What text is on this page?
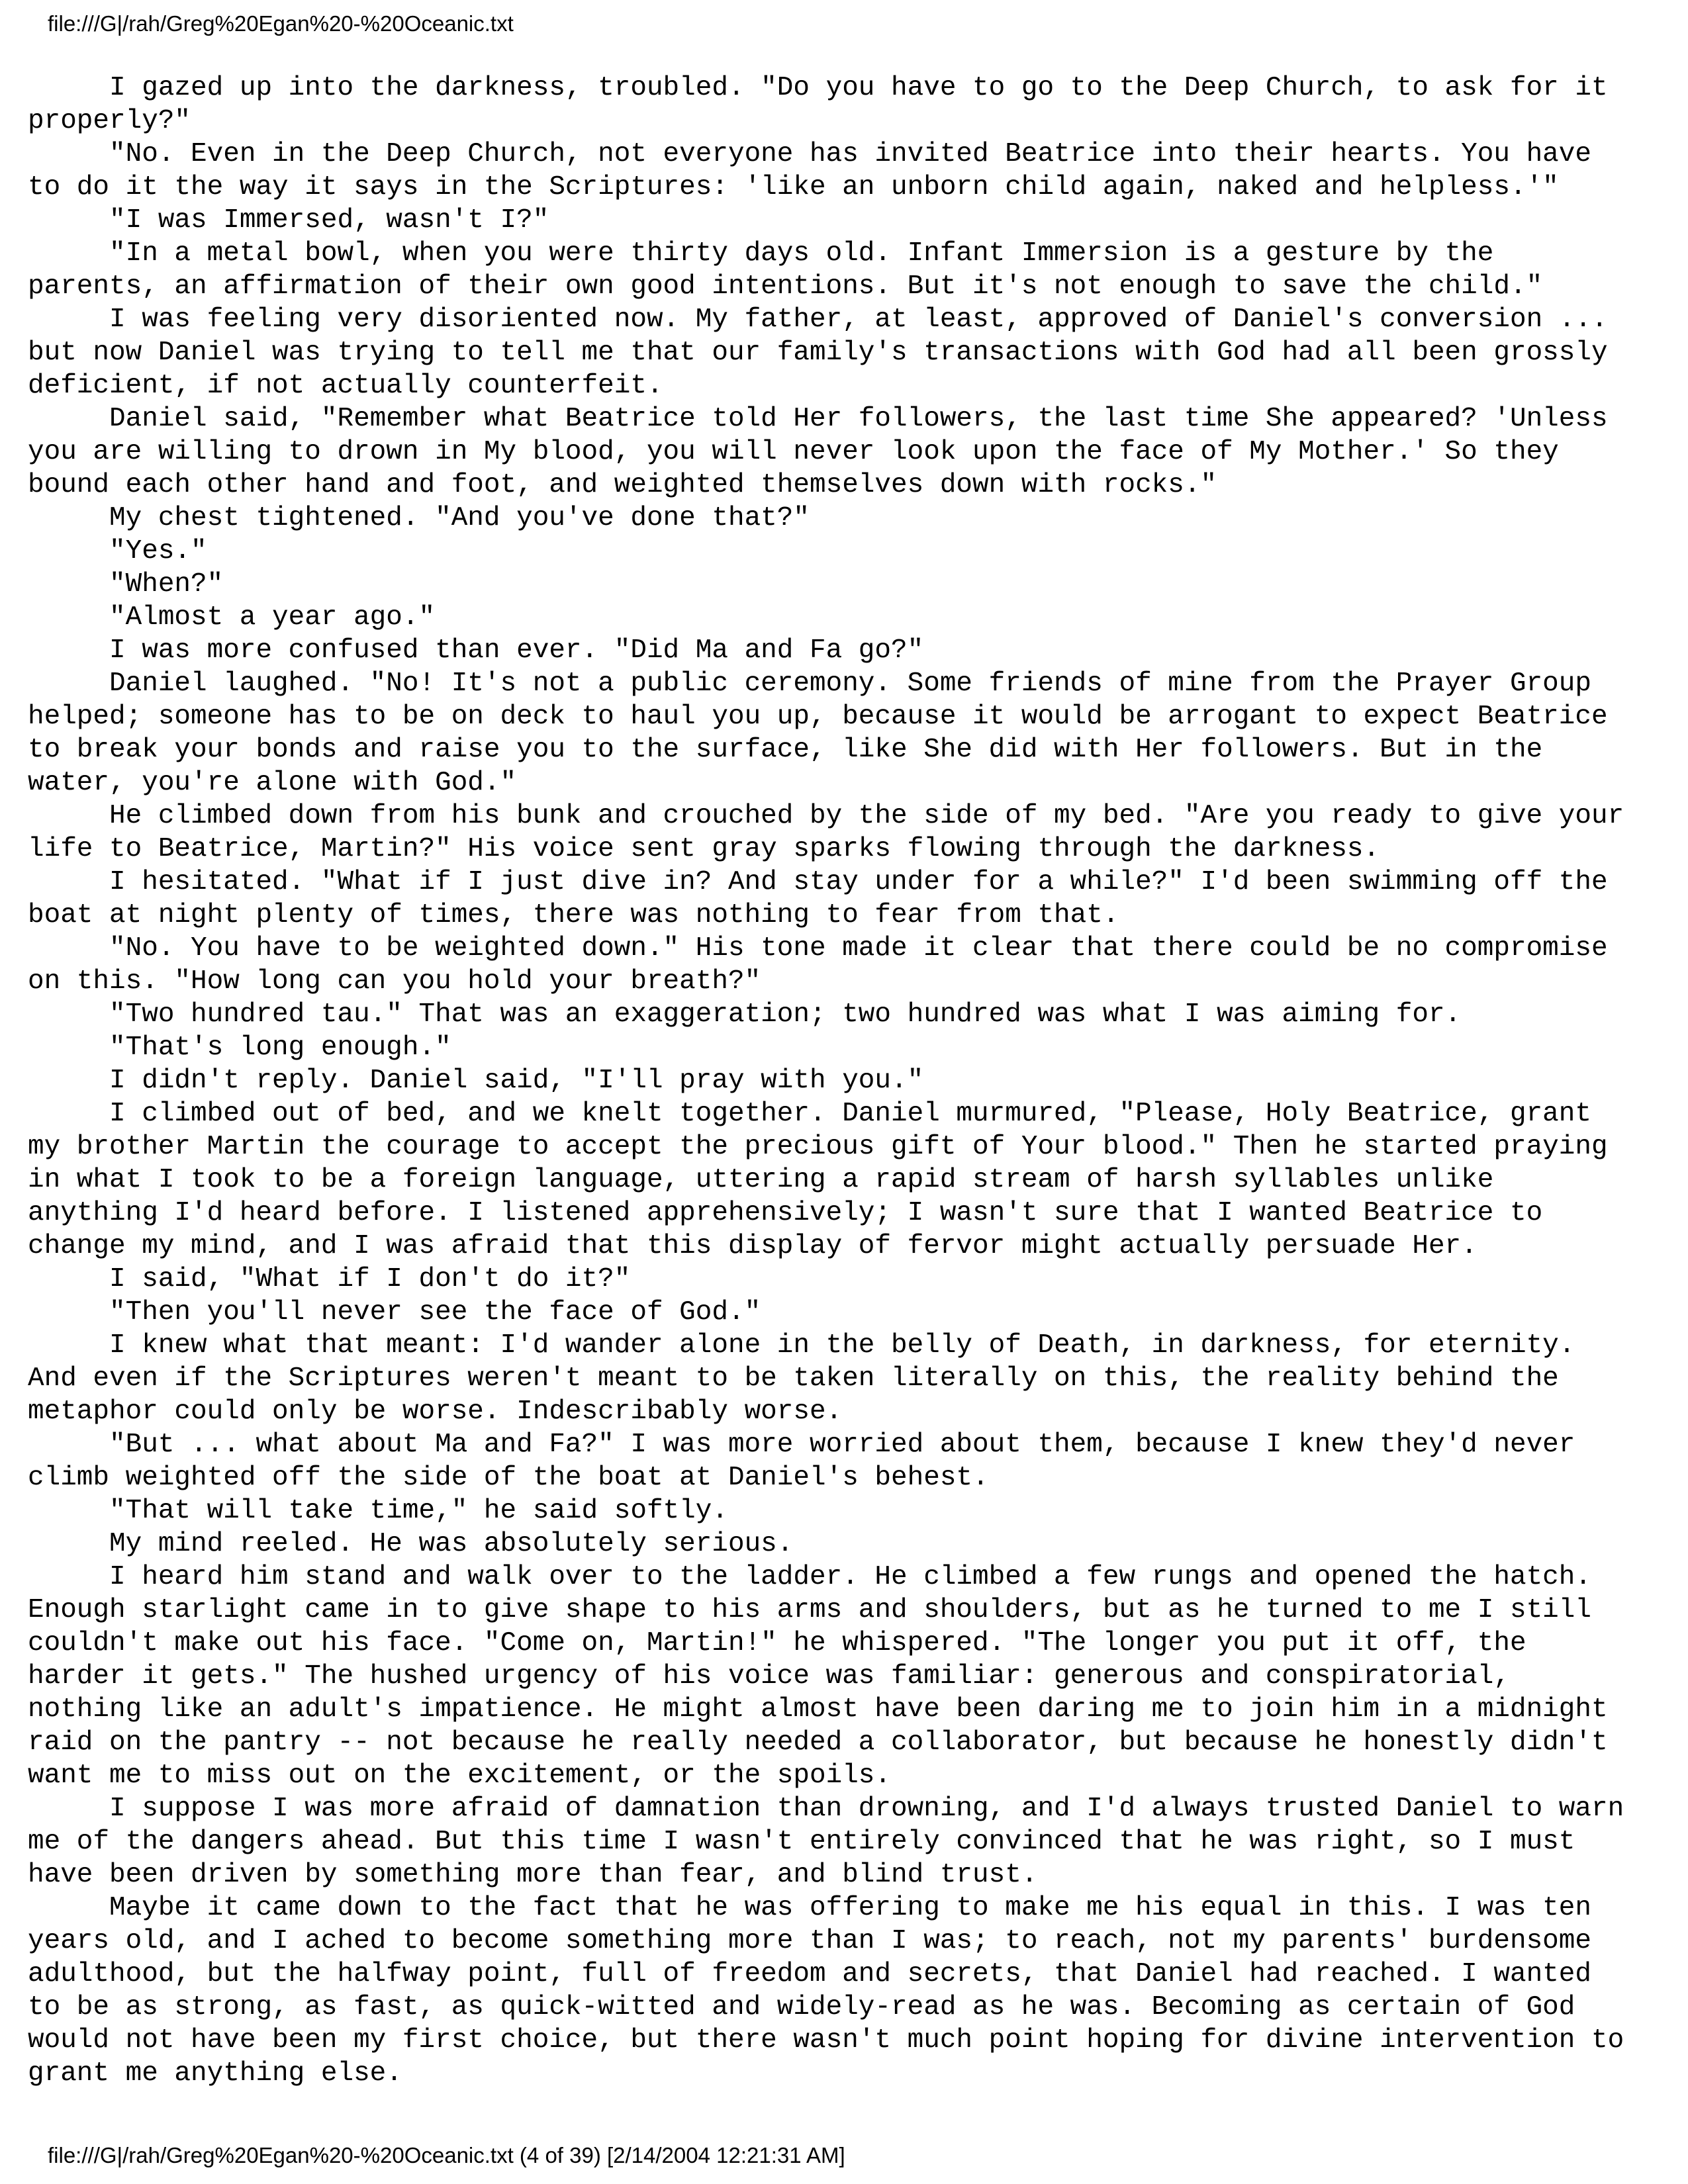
file:///G|/rah/Greg%20Egan%20-%20Oceanic.txt
I gazed up into the darkness, troubled. "Do you have to go to the Deep Church, to ask for it
properly?"
"No. Even in the Deep Church, not everyone has invited Beatrice into their hearts. You have
to do it the way it says in the Scriptures: 'like an unborn child again, naked and helpless.'"
"I was Immersed, wasn't I?"
"In a metal bowl, when you were thirty days old. Infant Immersion is a gesture by the
parents, an affirmation of their own good intentions. But it's not enough to save the child."
I was feeling very disoriented now. My father, at least, approved of Daniel's conversion ...
but now Daniel was trying to tell me that our family's transactions with God had all been grossly
deficient, if not actually counterfeit.
Daniel said, "Remember what Beatrice told Her followers, the last time She appeared? 'Unless
you are willing to drown in My blood, you will never look upon the face of My Mother.' So they
bound each other hand and foot, and weighted themselves down with rocks."
My chest tightened. "And you've done that?"
"Yes."
"When?"
"Almost a year ago."
I was more confused than ever. "Did Ma and Fa go?"
Daniel laughed. "No! It's not a public ceremony. Some friends of mine from the Prayer Group
helped; someone has to be on deck to haul you up, because it would be arrogant to expect Beatrice
to break your bonds and raise you to the surface, like She did with Her followers. But in the
water, you're alone with God."
He climbed down from his bunk and crouched by the side of my bed. "Are you ready to give your
life to Beatrice, Martin?" His voice sent gray sparks flowing through the darkness.
I hesitated. "What if I just dive in? And stay under for a while?" I'd been swimming off the
boat at night plenty of times, there was nothing to fear from that.
"No. You have to be weighted down." His tone made it clear that there could be no compromise
on this. "How long can you hold your breath?"
"Two hundred tau." That was an exaggeration; two hundred was what I was aiming for.
"That's long enough."
I didn't reply. Daniel said, "I'll pray with you."
I climbed out of bed, and we knelt together. Daniel murmured, "Please, Holy Beatrice, grant
my brother Martin the courage to accept the precious gift of Your blood." Then he started praying
in what I took to be a foreign language, uttering a rapid stream of harsh syllables unlike
anything I'd heard before. I listened apprehensively; I wasn't sure that I wanted Beatrice to
change my mind, and I was afraid that this display of fervor might actually persuade Her.
I said, "What if I don't do it?"
"Then you'll never see the face of God."
I knew what that meant: I'd wander alone in the belly of Death, in darkness, for eternity.
And even if the Scriptures weren't meant to be taken literally on this, the reality behind the
metaphor could only be worse. Indescribably worse.
"But ... what about Ma and Fa?" I was more worried about them, because I knew they'd never
climb weighted off the side of the boat at Daniel's behest.
"That will take time," he said softly.
My mind reeled. He was absolutely serious.
I heard him stand and walk over to the ladder. He climbed a few rungs and opened the hatch.
Enough starlight came in to give shape to his arms and shoulders, but as he turned to me I still
couldn't make out his face. "Come on, Martin!" he whispered. "The longer you put it off, the
harder it gets." The hushed urgency of his voice was familiar: generous and conspiratorial,
nothing like an adult's impatience. He might almost have been daring me to join him in a midnight
raid on the pantry -- not because he really needed a collaborator, but because he honestly didn't
want me to miss out on the excitement, or the spoils.
I suppose I was more afraid of damnation than drowning, and I'd always trusted Daniel to warn
me of the dangers ahead. But this time I wasn't entirely convinced that he was right, so I must
have been driven by something more than fear, and blind trust.
Maybe it came down to the fact that he was offering to make me his equal in this. I was ten
years old, and I ached to become something more than I was; to reach, not my parents' burdensome
adulthood, but the halfway point, full of freedom and secrets, that Daniel had reached. I wanted
to be as strong, as fast, as quick-witted and widely-read as he was. Becoming as certain of God
would not have been my first choice, but there wasn't much point hoping for divine intervention to
grant me anything else.
file:///G|/rah/Greg%20Egan%20-%20Oceanic.txt (4 of 39) [2/14/2004 12:21:31 AM]
